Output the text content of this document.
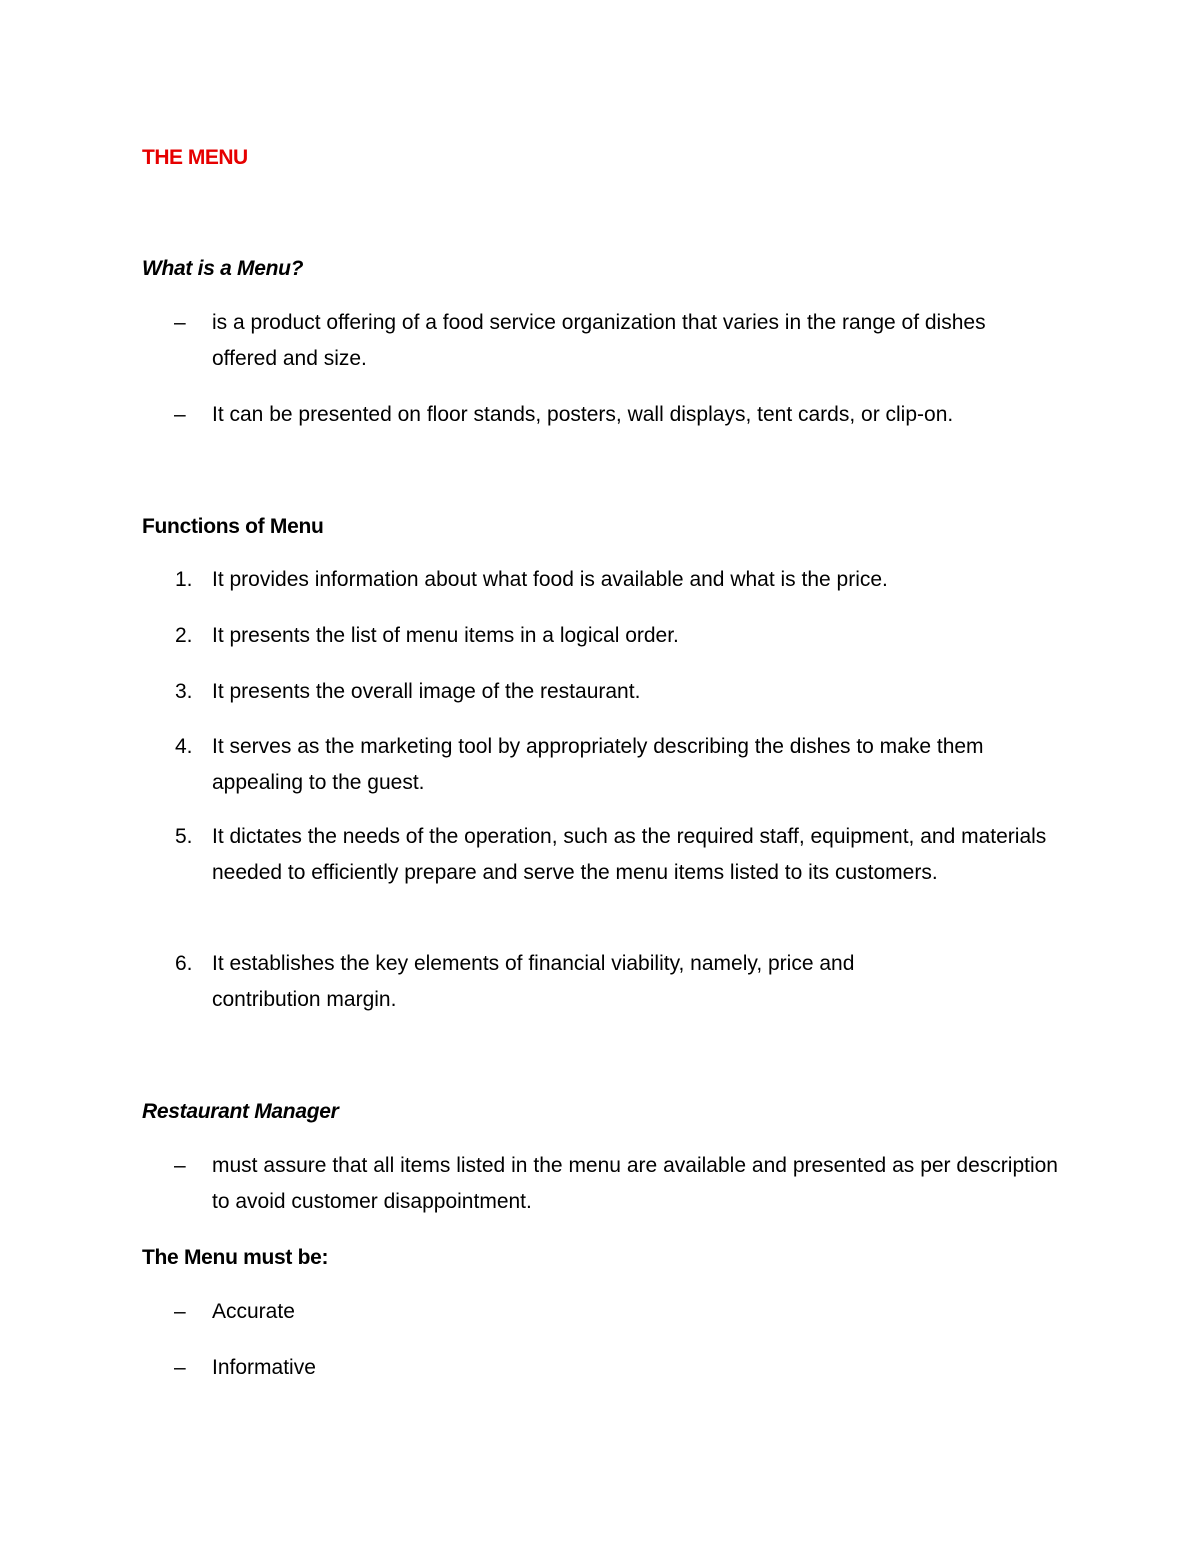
THE MENU
What is a Menu?
– is a product offering of a food service organization that varies in the range of dishes offered and size.
– It can be presented on floor stands, posters, wall displays, tent cards, or clip-on.
Functions of Menu
1. It provides information about what food is available and what is the price.
2. It presents the list of menu items in a logical order.
3. It presents the overall image of the restaurant.
4. It serves as the marketing tool by appropriately describing the dishes to make them appealing to the guest.
5. It dictates the needs of the operation, such as the required staff, equipment, and materials needed to efficiently prepare and serve the menu items listed to its customers.
6. It establishes the key elements of financial viability, namely, price and contribution margin.
Restaurant Manager
– must assure that all items listed in the menu are available and presented as per description to avoid customer disappointment.
The Menu must be:
– Accurate
– Informative
